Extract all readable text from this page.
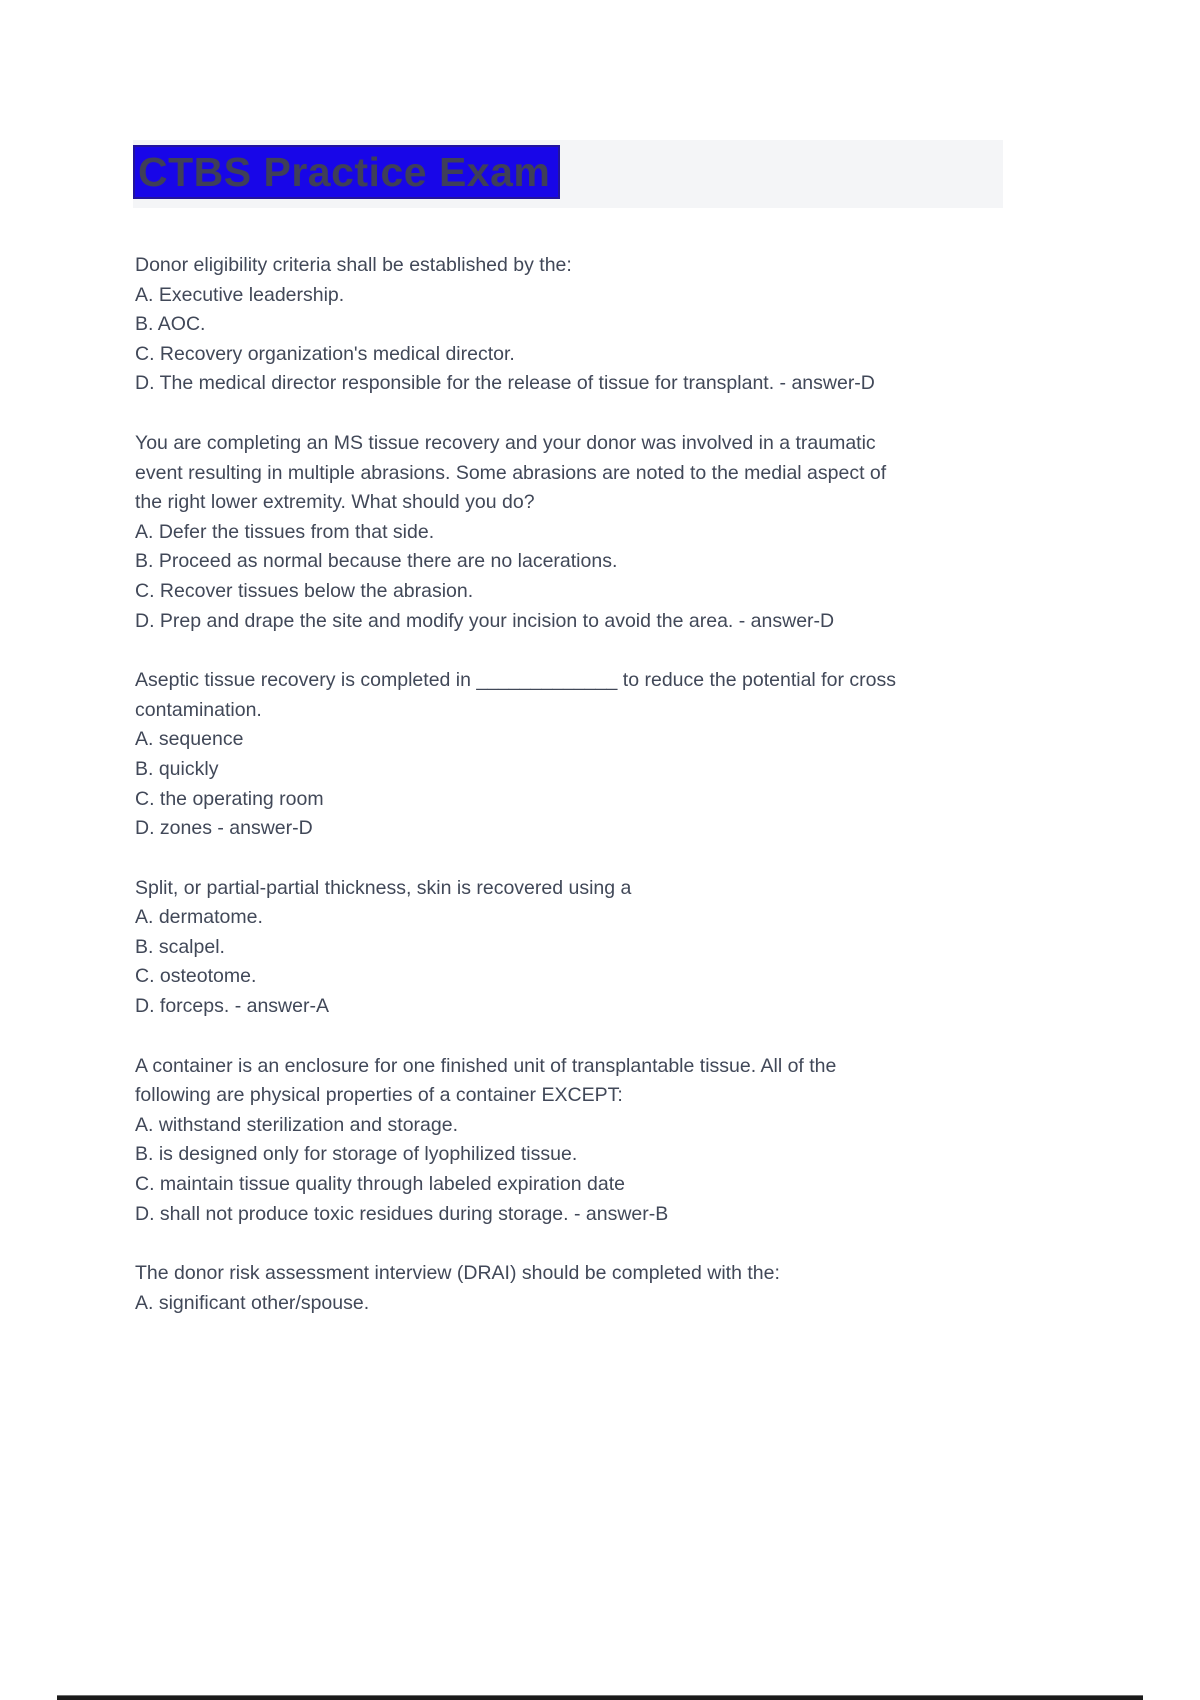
CTBS Practice Exam
Donor eligibility criteria shall be established by the:
A. Executive leadership.
B. AOC.
C. Recovery organization's medical director.
D. The medical director responsible for the release of tissue for transplant. - answer-D
You are completing an MS tissue recovery and your donor was involved in a traumatic
event resulting in multiple abrasions. Some abrasions are noted to the medial aspect of
the right lower extremity. What should you do?
A. Defer the tissues from that side.
B. Proceed as normal because there are no lacerations.
C. Recover tissues below the abrasion.
D. Prep and drape the site and modify your incision to avoid the area. - answer-D
Aseptic tissue recovery is completed in _____________ to reduce the potential for cross
contamination.
A. sequence
B. quickly
C. the operating room
D. zones - answer-D
Split, or partial-partial thickness, skin is recovered using a
A. dermatome.
B. scalpel.
C. osteotome.
D. forceps. - answer-A
A container is an enclosure for one finished unit of transplantable tissue. All of the
following are physical properties of a container EXCEPT:
A. withstand sterilization and storage.
B. is designed only for storage of lyophilized tissue.
C. maintain tissue quality through labeled expiration date
D. shall not produce toxic residues during storage. - answer-B
The donor risk assessment interview (DRAI) should be completed with the:
A. significant other/spouse.
